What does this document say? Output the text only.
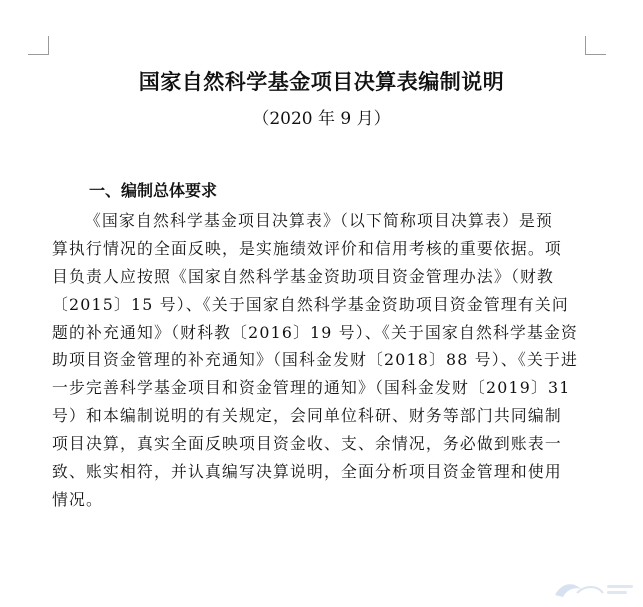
国家自然科学基金项目决算表编制说明
（2020 年 9 月）
一、编制总体要求
《国家自然科学基金项目决算表》（以下简称项目决算表）是预
算执行情况的全面反映，是实施绩效评价和信用考核的重要依据。项
目负责人应按照《国家自然科学基金资助项目资金管理办法》（财教
〔2015〕15 号）、《关于国家自然科学基金资助项目资金管理有关问
题的补充通知》（财科教〔2016〕19 号）、《关于国家自然科学基金资
助项目资金管理的补充通知》（国科金发财〔2018〕88 号）、《关于进
一步完善科学基金项目和资金管理的通知》（国科金发财〔2019〕31
号）和本编制说明的有关规定，会同单位科研、财务等部门共同编制
项目决算，真实全面反映项目资金收、支、余情况，务必做到账表一
致、账实相符，并认真编写决算说明，全面分析项目资金管理和使用
情况。
